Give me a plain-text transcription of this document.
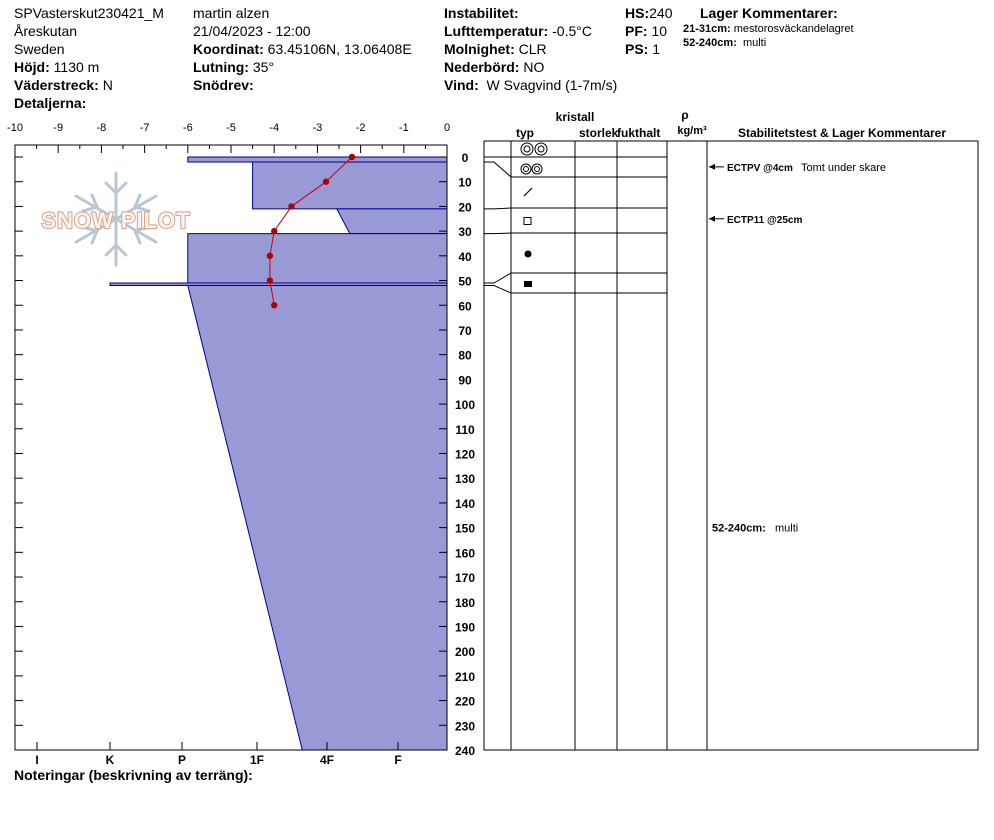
SPVasterskut230421_M
Åreskutan
Sweden
Höjd: 1130 m
Väderstreck: N
Detaljerna:
martin alzen
21/04/2023 - 12:00
Koordinat: 63.45106N, 13.06408E
Lutning: 35°
Snödrev:
Instabilitet:
Lufttemperatur: -0.5°C
Molnighet: CLR
Nederbörd: NO
Vind: W Svagvind (1-7m/s)
HS:240
PF: 10
PS: 1
Lager Kommentarer:
21-31cm: mestorosväckandelagret
52-240cm: multi
SNOW PILOT
-10	-9	-8	-7	-6	-5	-4	-3	-2	-1	0
0
10
20
30
40
50
60
70
80
90
100
110
120
130
140
150
160
170
180
190
200
210
220
230
240
I	K	P	1F	4F	F
kristall
typ	storlek
fukthalt
ρ
kg/m³	Stabilitetstest & Lager Kommentarer
ECTPV @4cm Tomt under skare
ECTP11 @25cm
52-240cm: multi
Noteringar (beskrivning av terräng):
